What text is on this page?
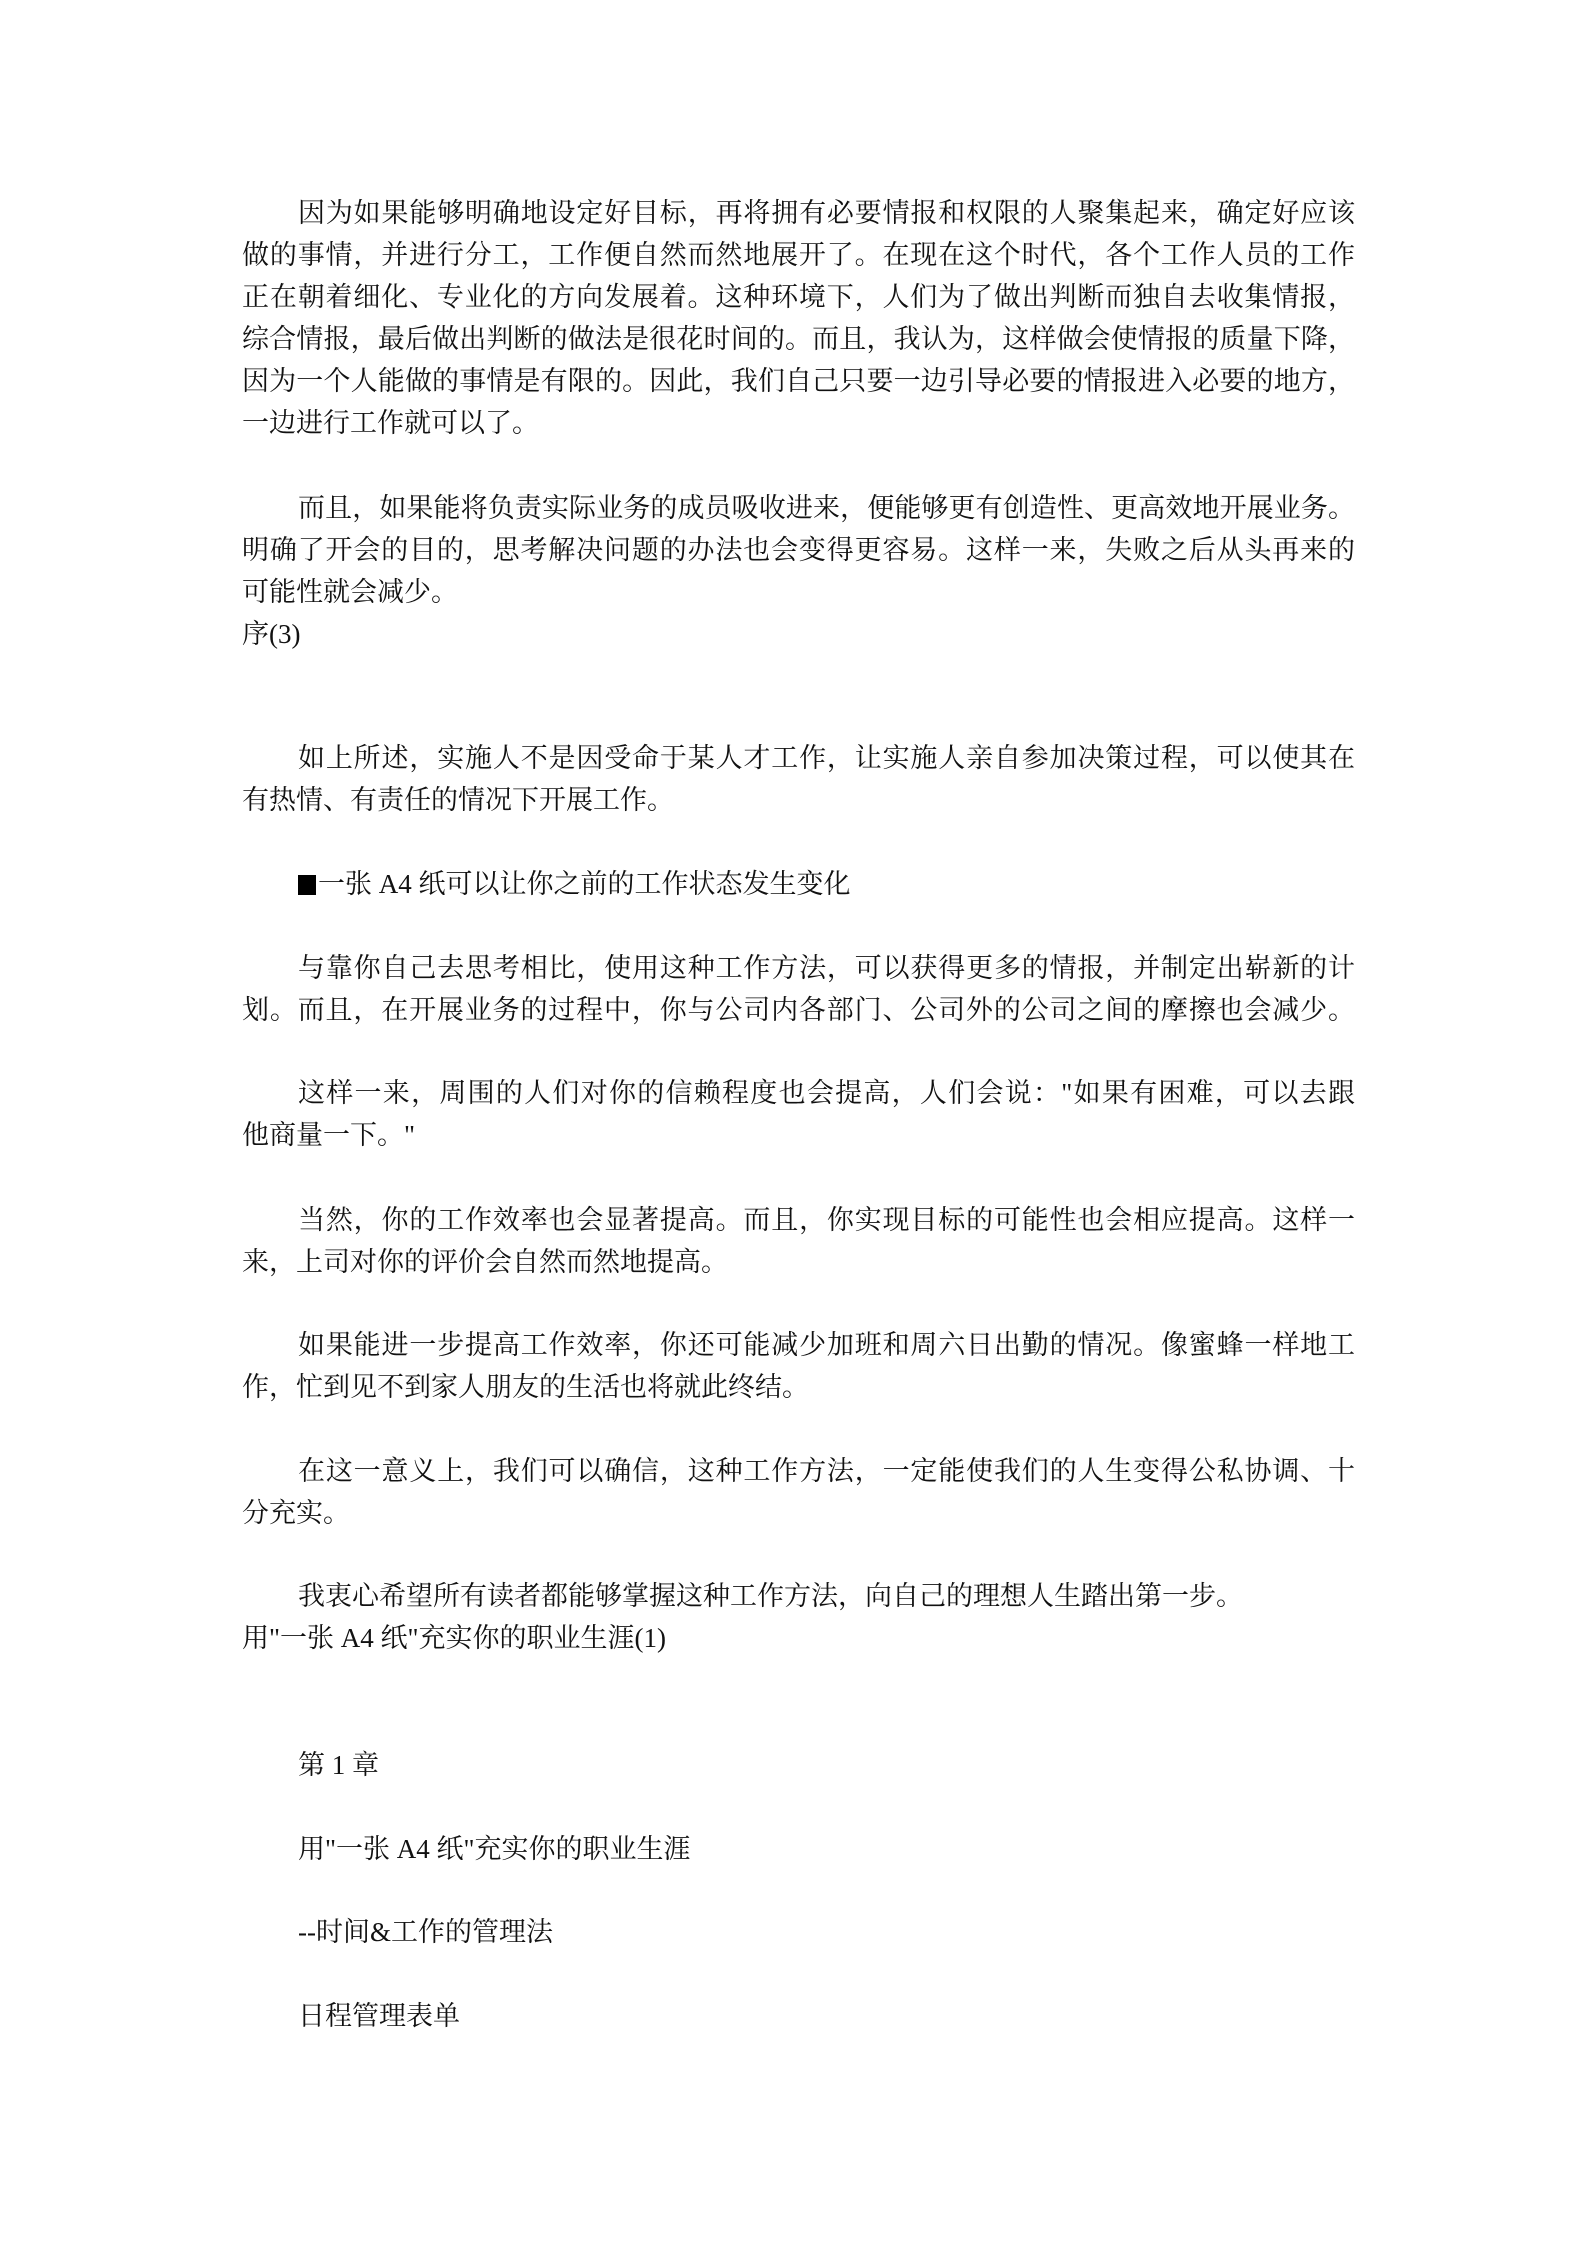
因为如果能够明确地设定好目标，再将拥有必要情报和权限的人聚集起来，确定好应该
做的事情，并进行分工，工作便自然而然地展开了。在现在这个时代，各个工作人员的工作
正在朝着细化、专业化的方向发展着。这种环境下，人们为了做出判断而独自去收集情报，
综合情报，最后做出判断的做法是很花时间的。而且，我认为，这样做会使情报的质量下降，
因为一个人能做的事情是有限的。因此，我们自己只要一边引导必要的情报进入必要的地方，
一边进行工作就可以了。
而且，如果能将负责实际业务的成员吸收进来，便能够更有创造性、更高效地开展业务。
明确了开会的目的，思考解决问题的办法也会变得更容易。这样一来，失败之后从头再来的
可能性就会减少。
序(3)
如上所述，实施人不是因受命于某人才工作，让实施人亲自参加决策过程，可以使其在
有热情、有责任的情况下开展工作。
一张 A4 纸可以让你之前的工作状态发生变化
与靠你自己去思考相比，使用这种工作方法，可以获得更多的情报，并制定出崭新的计
划。而且，在开展业务的过程中，你与公司内各部门、公司外的公司之间的摩擦也会减少。
这样一来，周围的人们对你的信赖程度也会提高，人们会说："如果有困难，可以去跟
他商量一下。"
当然，你的工作效率也会显著提高。而且，你实现目标的可能性也会相应提高。这样一
来，上司对你的评价会自然而然地提高。
如果能进一步提高工作效率，你还可能减少加班和周六日出勤的情况。像蜜蜂一样地工
作，忙到见不到家人朋友的生活也将就此终结。
在这一意义上，我们可以确信，这种工作方法，一定能使我们的人生变得公私协调、十
分充实。
我衷心希望所有读者都能够掌握这种工作方法，向自己的理想人生踏出第一步。
用"一张 A4 纸"充实你的职业生涯(1)
第 1 章
用"一张 A4 纸"充实你的职业生涯
--时间&工作的管理法
日程管理表单
